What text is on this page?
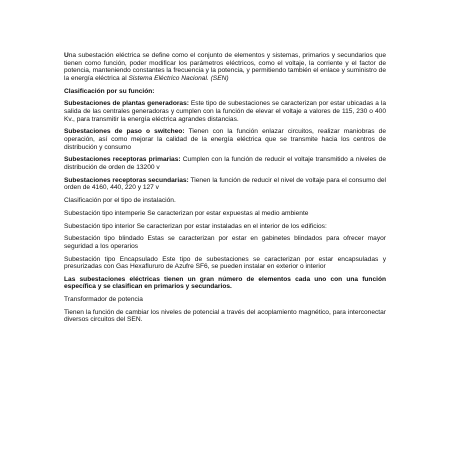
Una subestación eléctrica se define como el conjunto de elementos y sistemas, primarios y secundarios que tienen como función, poder modificar los parámetros eléctricos, como el voltaje, la corriente y el factor de potencia, manteniendo constantes la frecuencia y la potencia, y permitiendo también el enlace y suministro de la energía eléctrica al Sistema Eléctrico Nacional. (SEN)

Clasificación por su función:

Subestaciones de plantas generadoras: Este tipo de subestaciones se caracterizan por estar ubicadas a la salida de las centrales generadoras y cumplen con la función de elevar el voltaje a valores de 115, 230 o 400 Kv., para transmitir la energía eléctrica agrandes distancias.

Subestaciones de paso o switcheo: Tienen con la función enlazar circuitos, realizar maniobras de operación, así como mejorar la calidad de la energía eléctrica que se transmite hacia los centros de distribución y consumo

Subestaciones receptoras primarias: Cumplen con la función de reducir el voltaje transmitido a niveles de distribución de orden de 13200 v

Subestaciones receptoras secundarias: Tienen la función de reducir el nivel de voltaje para el consumo del orden de 4160, 440, 220 y 127 v

Clasificación por el tipo de instalación.

Subestación tipo intemperie Se caracterizan por estar expuestas al medio ambiente

Subestación tipo interior Se caracterizan por estar instaladas en el interior de los edificios:

Subestación tipo blindado Estas se caracterizan por estar en gabinetes blindados para ofrecer mayor seguridad a los operarios

Subestación tipo Encapsulado Este tipo de subestaciones se caracterizan por estar encapsuladas y presurizadas con Gas Hexaflururo de Azufre SF6, se pueden instalar en exterior o interior

Las subestaciones eléctricas tienen un gran número de elementos cada uno con una función específica y se clasifican en primarios y secundarios.

Transformador de potencia

Tienen la función de cambiar los niveles de potencial a través del acoplamiento magnético, para interconectar diversos circuitos del SEN.
